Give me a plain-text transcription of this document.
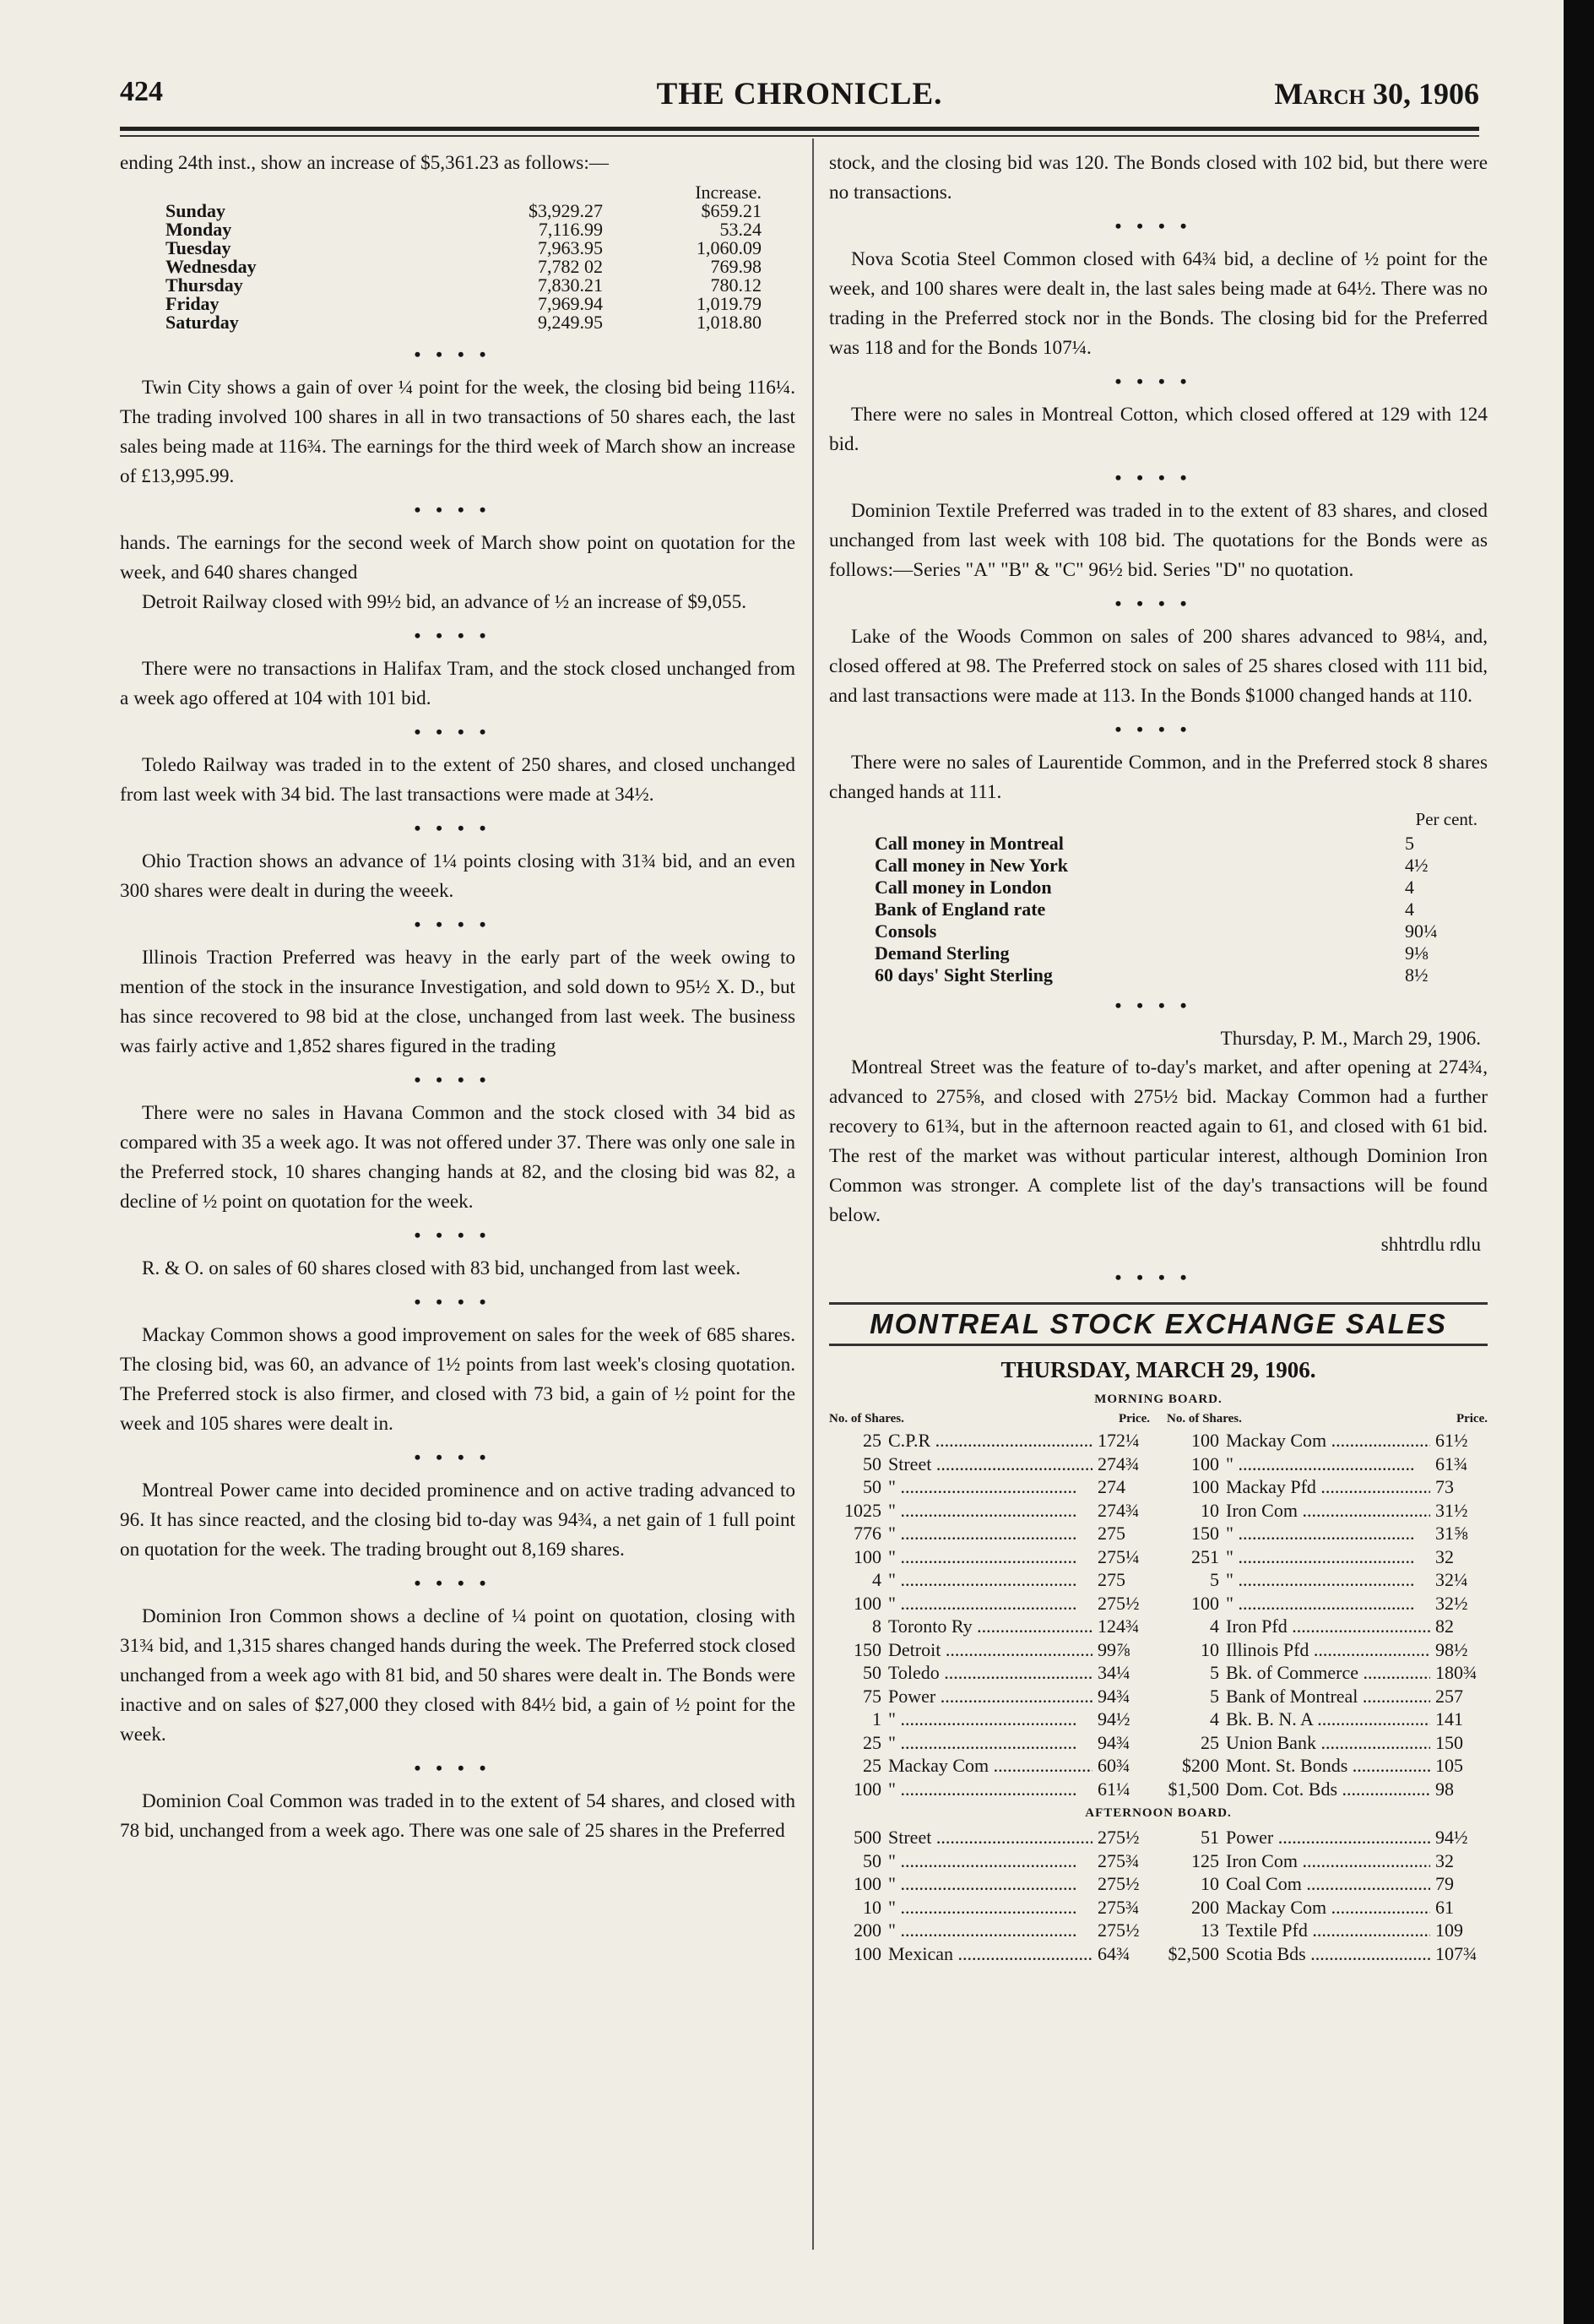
424	THE CHRONICLE.	March 30, 1906

ending 24th inst., show an increase of $5,361.23 as follows:—

		Increase.
Sunday	$3,929.27	$659.21
Monday	7,116.99	53.24
Tuesday	7,963.95	1,060.09
Wednesday	7,782 02	769.98
Thursday	7,830.21	780.12
Friday	7,969.94	1,019.79
Saturday	9,249.95	1,018.80
••••

Twin City shows a gain of over ¼ point for the week, the closing bid being 116¼. The trading involved 100 shares in all in two transactions of 50 shares each, the last sales being made at 116¾. The earnings for the third week of March show an increase of £13,995.99.

••••

hands. The earnings for the second week of March show point on quotation for the week, and 640 shares changed

Detroit Railway closed with 99½ bid, an advance of ½ an increase of $9,055.

••••

There were no transactions in Halifax Tram, and the stock closed unchanged from a week ago offered at 104 with 101 bid.

••••

Toledo Railway was traded in to the extent of 250 shares, and closed unchanged from last week with 34 bid. The last transactions were made at 34½.

••••

Ohio Traction shows an advance of 1¼ points closing with 31¾ bid, and an even 300 shares were dealt in during the weeek.

••••

Illinois Traction Preferred was heavy in the early part of the week owing to mention of the stock in the insurance Investigation, and sold down to 95½ X. D., but has since recovered to 98 bid at the close, unchanged from last week. The business was fairly active and 1,852 shares figured in the trading

••••

There were no sales in Havana Common and the stock closed with 34 bid as compared with 35 a week ago. It was not offered under 37. There was only one sale in the Preferred stock, 10 shares changing hands at 82, and the closing bid was 82, a decline of ½ point on quotation for the week.

••••

R. & O. on sales of 60 shares closed with 83 bid, unchanged from last week.

••••

Mackay Common shows a good improvement on sales for the week of 685 shares. The closing bid, was 60, an advance of 1½ points from last week's closing quotation. The Preferred stock is also firmer, and closed with 73 bid, a gain of ½ point for the week and 105 shares were dealt in.

••••

Montreal Power came into decided prominence and on active trading advanced to 96. It has since reacted, and the closing bid to-day was 94¾, a net gain of 1 full point on quotation for the week. The trading brought out 8,169 shares.

••••

Dominion Iron Common shows a decline of ¼ point on quotation, closing with 31¾ bid, and 1,315 shares changed hands during the week. The Preferred stock closed unchanged from a week ago with 81 bid, and 50 shares were dealt in. The Bonds were inactive and on sales of $27,000 they closed with 84½ bid, a gain of ½ point for the week.

••••

Dominion Coal Common was traded in to the extent of 54 shares, and closed with 78 bid, unchanged from a week ago. There was one sale of 25 shares in the Preferred

stock, and the closing bid was 120. The Bonds closed with 102 bid, but there were no transactions.

••••

Nova Scotia Steel Common closed with 64¾ bid, a decline of ½ point for the week, and 100 shares were dealt in, the last sales being made at 64½. There was no trading in the Preferred stock nor in the Bonds. The closing bid for the Preferred was 118 and for the Bonds 107¼.

••••

There were no sales in Montreal Cotton, which closed offered at 129 with 124 bid.

••••

Dominion Textile Preferred was traded in to the extent of 83 shares, and closed unchanged from last week with 108 bid. The quotations for the Bonds were as follows:—Series "A" "B" & "C" 96½ bid. Series "D" no quotation.

••••

Lake of the Woods Common on sales of 200 shares advanced to 98¼, and, closed offered at 98. The Preferred stock on sales of 25 shares closed with 111 bid, and last transactions were made at 113. In the Bonds $1000 changed hands at 110.

••••

There were no sales of Laurentide Common, and in the Preferred stock 8 shares changed hands at 111.

Per cent.
Call money in Montreal	5
Call money in New York	4½
Call money in London	4
Bank of England rate	4
Consols	90¼
Demand Sterling	9⅛
60 days' Sight Sterling	8½
••••
Thursday, P. M., March 29, 1906.

Montreal Street was the feature of to-day's market, and after opening at 274¾, advanced to 275⅝, and closed with 275½ bid. Mackay Common had a further recovery to 61¾, but in the afternoon reacted again to 61, and closed with 61 bid. The rest of the market was without particular interest, although Dominion Iron Common was stronger. A complete list of the day's transactions will be found below.

shhtrdlu rdlu
••••
MONTREAL STOCK EXCHANGE SALES
THURSDAY, MARCH 29, 1906.
MORNING BOARD.
No. of Shares.	Price.
25 C.P.R .....	172¼
50 Street .....	274¾
50 " .....	274
1025 " .....	274¾
776 " .....	275
100 " .....	275¼
4 " .....	275
100 " .....	275½
8 Toronto Ry .....	124¾
150 Detroit .....	99⅞
50 Toledo .....	34¼
75 Power .....	94¾
1 " .....	94½
25 " .....	94¾
25 Mackay Com .....	60¾
100 " .....	61¼
No. of Shares.	Price.
100 Mackay Com .....	61½
100 " .....	61¾
100 Mackay Pfd .....	73
10 Iron Com .....	31½
150 " .....	31⅝
251 " .....	32
5 " .....	32¼
100 " .....	32½
4 Iron Pfd .....	82
10 Illinois Pfd .....	98½
5 Bk. of Commerce .....	180¾
5 Bank of Montreal .....	257
4 Bk. B. N. A .....	141
25 Union Bank .....	150
$200 Mont. St. Bonds .....	105
$1,500 Dom. Cot. Bds .....	98
AFTERNOON BOARD.
500 Street .....	275½
50 " .....	275¾
100 " .....	275½
10 " .....	275¾
200 " .....	275½
100 Mexican .....	64¾
51 Power .....	94½
125 Iron Com .....	32
10 Coal Com .....	79
200 Mackay Com .....	61
13 Textile Pfd .....	109
$2,500 Scotia Bds .....	107¾
